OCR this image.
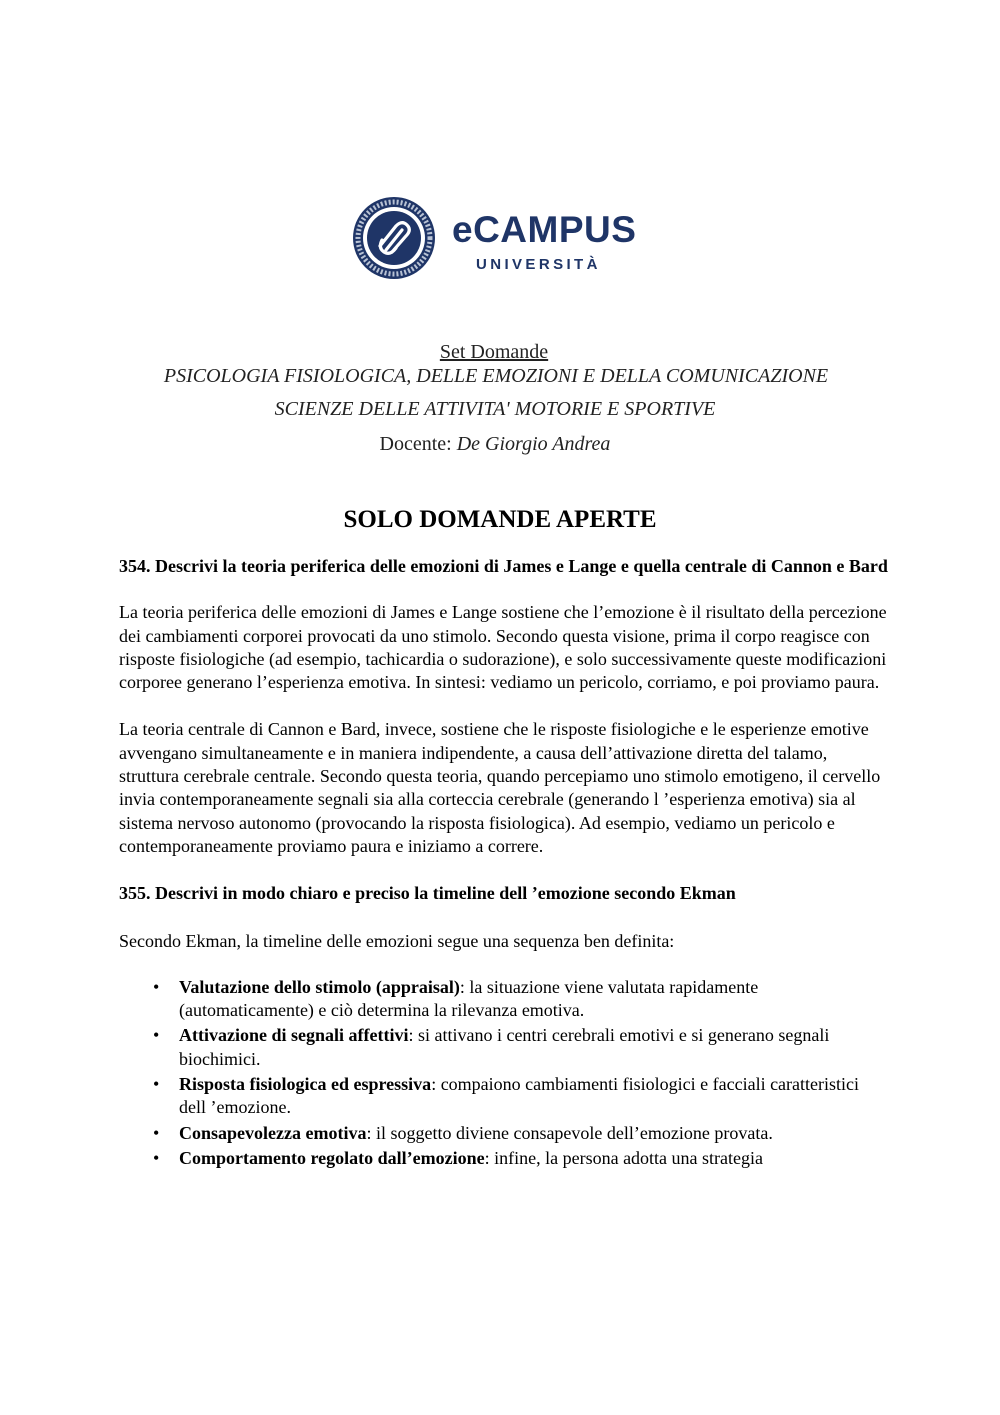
eCAMPUS
UNIVERSITÀ
Set Domande
PSICOLOGIA FISIOLOGICA, DELLE EMOZIONI E DELLA COMUNICAZIONE
SCIENZE DELLE ATTIVITA' MOTORIE E SPORTIVE
Docente: De Giorgio Andrea
SOLO DOMANDE APERTE

354. Descrivi la teoria periferica delle emozioni di James e Lange e quella centrale di Cannon e Bard

La teoria periferica delle emozioni di James e Lange sostiene che l’emozione è il risultato della percezione dei cambiamenti corporei provocati da uno stimolo. Secondo questa visione, prima il corpo reagisce con risposte fisiologiche (ad esempio, tachicardia o sudorazione), e solo successivamente queste modificazioni corporee generano l’esperienza emotiva. In sintesi: vediamo un pericolo, corriamo, e poi proviamo paura.

La teoria centrale di Cannon e Bard, invece, sostiene che le risposte fisiologiche e le esperienze emotive avvengano simultaneamente e in maniera indipendente, a causa dell’attivazione diretta del talamo, struttura cerebrale centrale. Secondo questa teoria, quando percepiamo uno stimolo emotigeno, il cervello invia contemporaneamente segnali sia alla corteccia cerebrale (generando l ’esperienza emotiva) sia al sistema nervoso autonomo (provocando la risposta fisiologica). Ad esempio, vediamo un pericolo e contemporaneamente proviamo paura e iniziamo a correre.

355. Descrivi in modo chiaro e preciso la timeline dell ’emozione secondo Ekman

Secondo Ekman, la timeline delle emozioni segue una sequenza ben definita:

• Valutazione dello stimolo (appraisal): la situazione viene valutata rapidamente (automaticamente) e ciò determina la rilevanza emotiva.
• Attivazione di segnali affettivi: si attivano i centri cerebrali emotivi e si generano segnali biochimici.
• Risposta fisiologica ed espressiva: compaiono cambiamenti fisiologici e facciali caratteristici dell ’emozione.
• Consapevolezza emotiva: il soggetto diviene consapevole dell’emozione provata.
• Comportamento regolato dall’emozione: infine, la persona adotta una strategia
